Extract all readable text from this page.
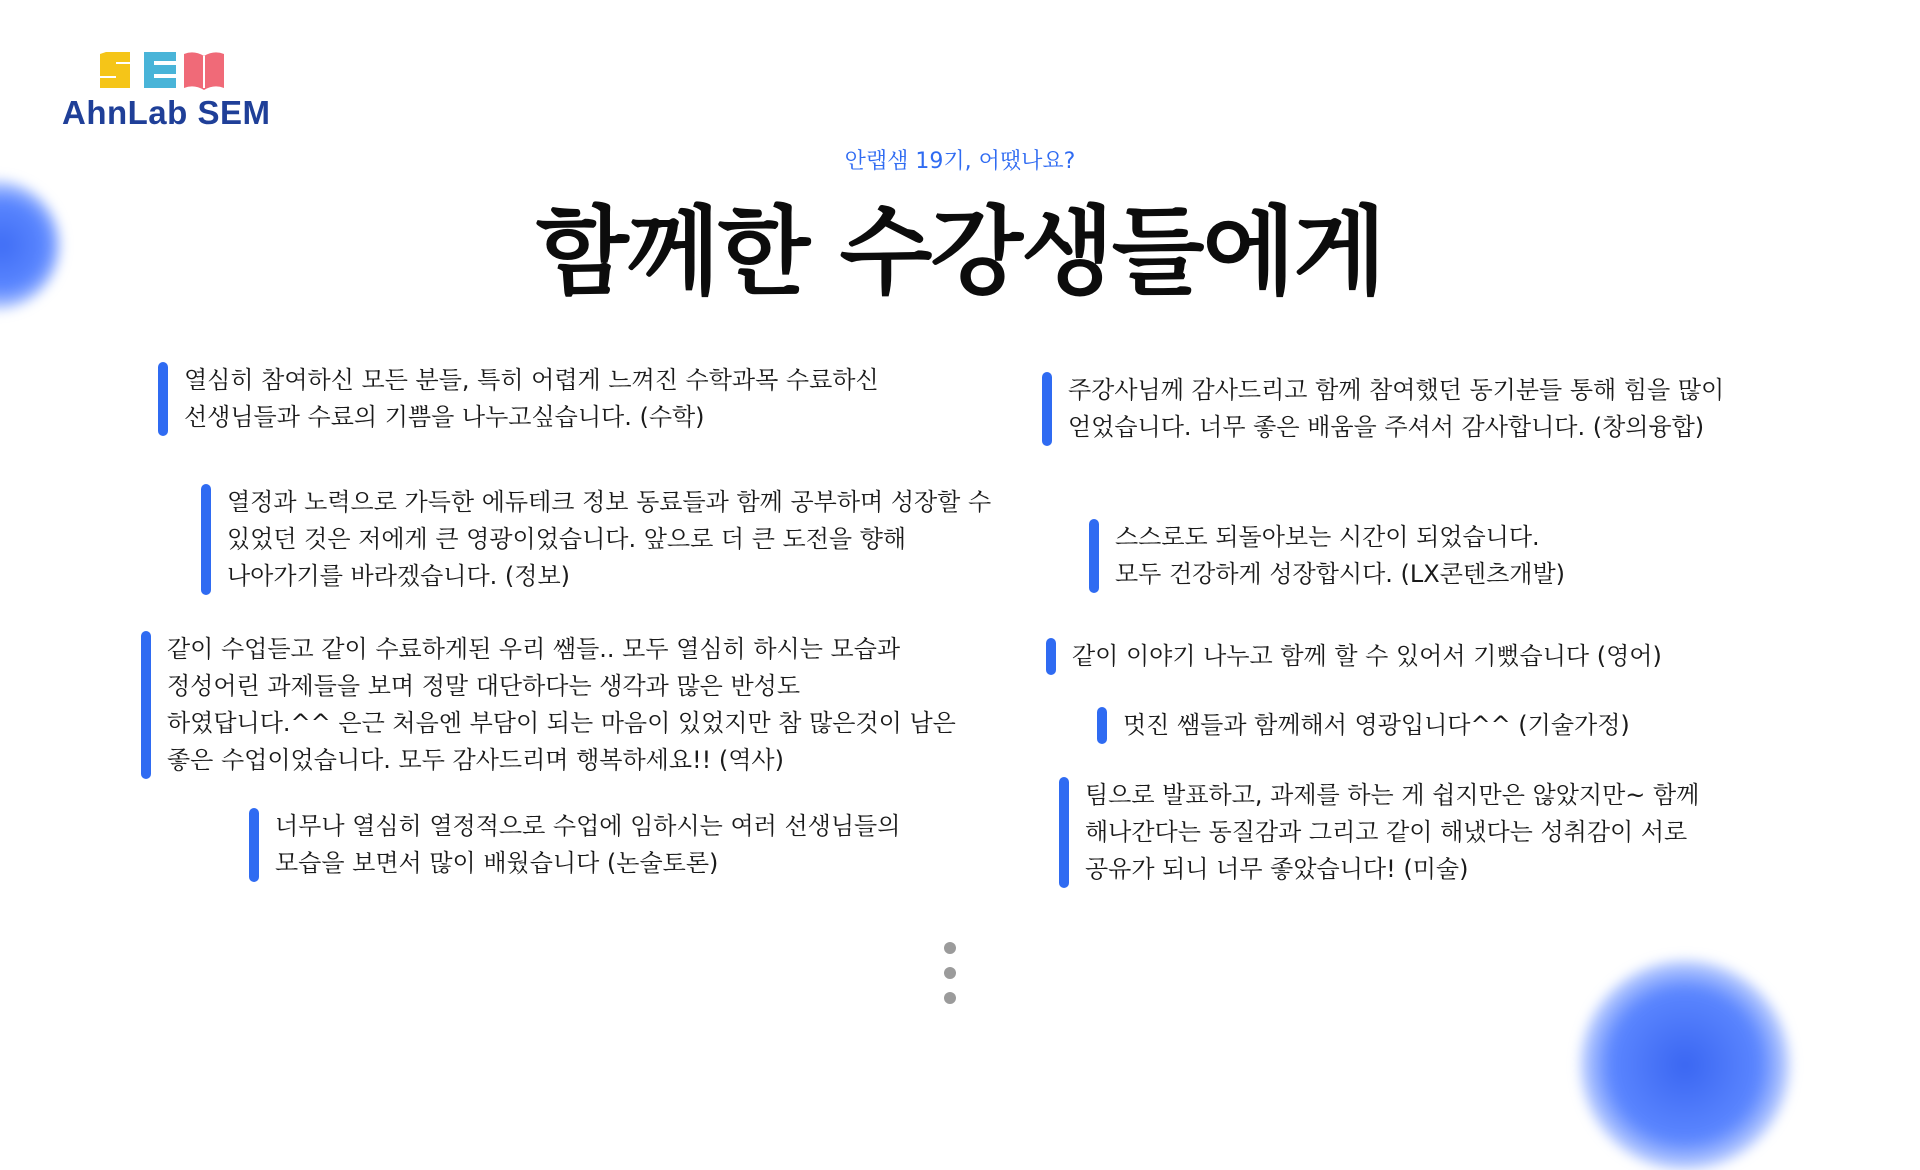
AhnLab SEM
안랩샘 19기, 어땠나요?
함께한 수강생들에게
열심히 참여하신 모든 분들, 특히 어렵게 느껴진 수학과목 수료하신
선생님들과 수료의 기쁨을 나누고싶습니다. (수학)
열정과 노력으로 가득한 에듀테크 정보 동료들과 함께 공부하며 성장할 수
있었던 것은 저에게 큰 영광이었습니다. 앞으로 더 큰 도전을 향해
나아가기를 바라겠습니다. (정보)
같이 수업듣고 같이 수료하게된 우리 쌤들.. 모두 열심히 하시는 모습과
정성어린 과제들을 보며 정말 대단하다는 생각과 많은 반성도
하였답니다.^^ 은근 처음엔 부담이 되는 마음이 있었지만 참 많은것이 남은
좋은 수업이었습니다. 모두 감사드리며 행복하세요!! (역사)
너무나 열심히 열정적으로 수업에 임하시는 여러 선생님들의
모습을 보면서 많이 배웠습니다 (논술토론)
주강사님께 감사드리고 함께 참여했던 동기분들 통해 힘을 많이
얻었습니다. 너무 좋은 배움을 주셔서 감사합니다. (창의융합)
스스로도 되돌아보는 시간이 되었습니다.
모두 건강하게 성장합시다. (LX콘텐츠개발)
같이 이야기 나누고 함께 할 수 있어서 기뻤습니다 (영어)
멋진 쌤들과 함께해서 영광입니다^^ (기술가정)
팀으로 발표하고, 과제를 하는 게 쉽지만은 않았지만~ 함께
해나간다는 동질감과 그리고 같이 해냈다는 성취감이 서로
공유가 되니 너무 좋았습니다! (미술)
